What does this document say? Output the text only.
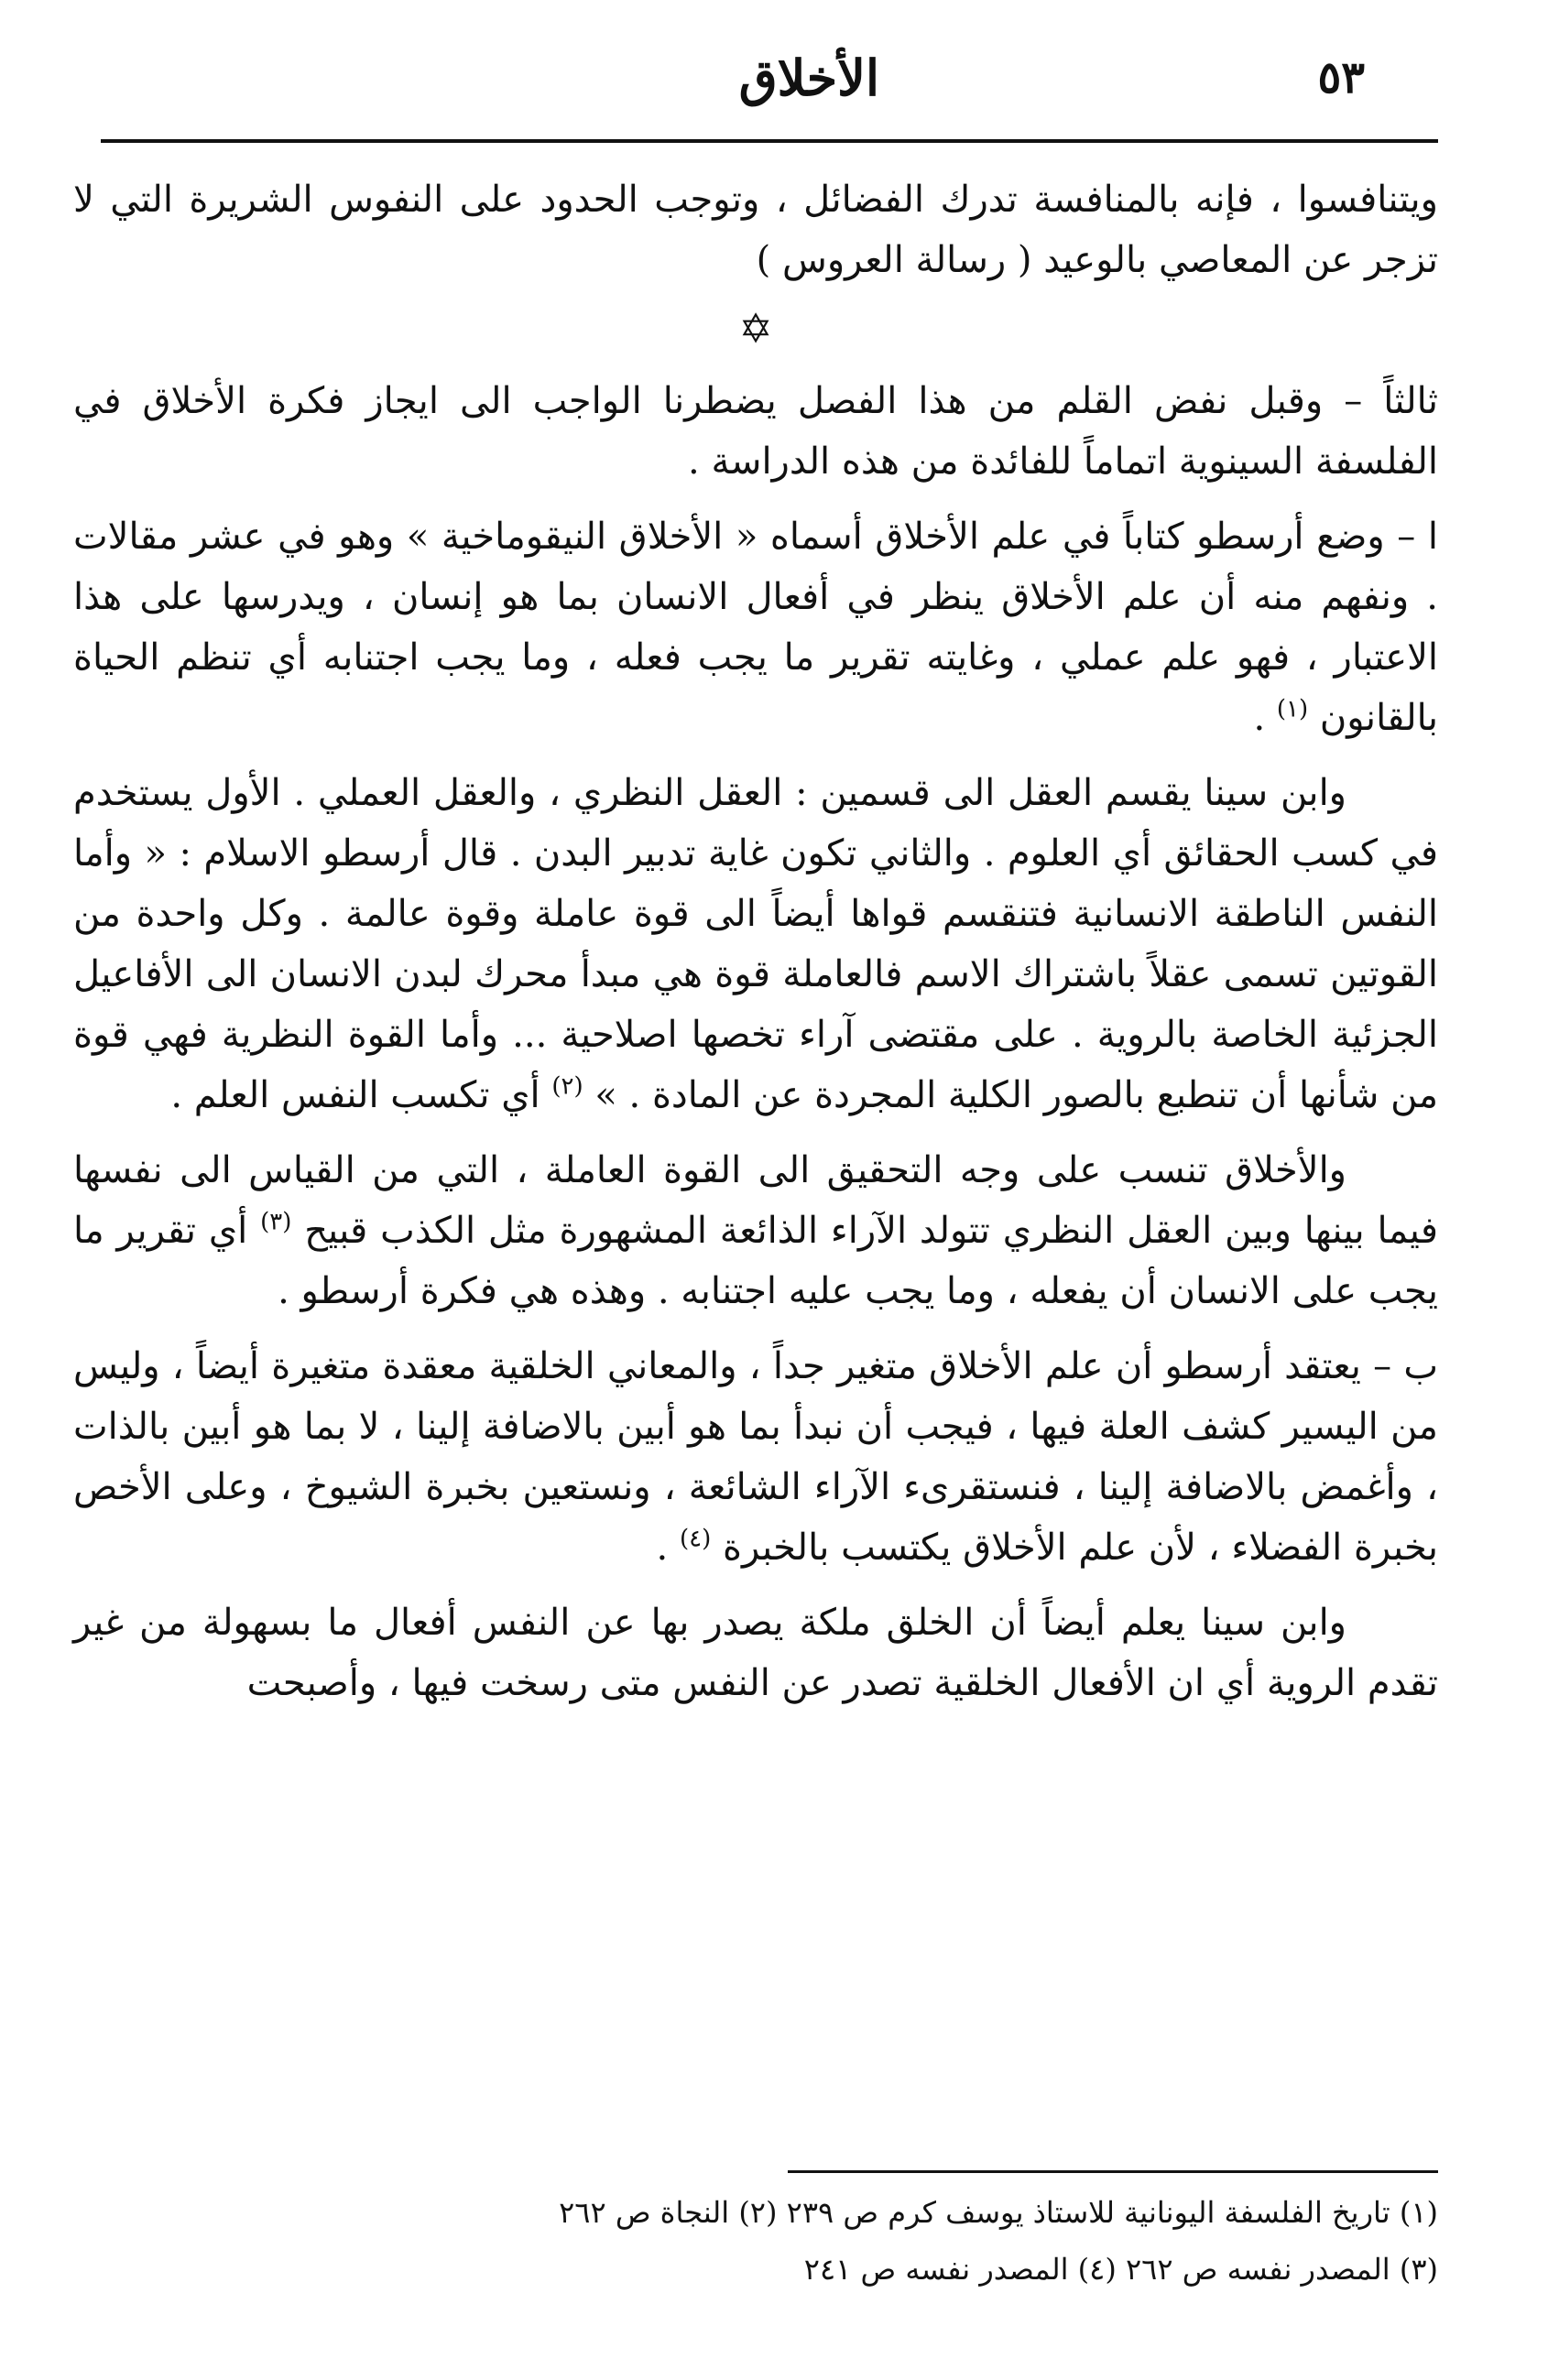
٥٣
الأخلاق

ويتنافسوا ، فإنه بالمنافسة تدرك الفضائل ، وتوجب الحدود على النفوس الشريرة التي لا تزجر عن المعاصي بالوعيد ( رسالة العروس )

✡

ثالثاً – وقبل نفض القلم من هذا الفصل يضطرنا الواجب الى ايجاز فكرة الأخلاق في الفلسفة السينوية اتماماً للفائدة من هذه الدراسة .

ا – وضع أرسطو كتاباً في علم الأخلاق أسماه « الأخلاق النيقوماخية » وهو في عشر مقالات . ونفهم منه أن علم الأخلاق ينظر في أفعال الانسان بما هو إنسان ، ويدرسها على هذا الاعتبار ، فهو علم عملي ، وغايته تقرير ما يجب فعله ، وما يجب اجتنابه أي تنظم الحياة بالقانون $^{(١)}$ .

وابن سينا يقسم العقل الى قسمين : العقل النظري ، والعقل العملي . الأول يستخدم في كسب الحقائق أي العلوم . والثاني تكون غاية تدبير البدن . قال أرسطو الاسلام : « وأما النفس الناطقة الانسانية فتنقسم قواها أيضاً الى قوة عاملة وقوة عالمة . وكل واحدة من القوتين تسمى عقلاً باشتراك الاسم فالعاملة قوة هي مبدأ محرك لبدن الانسان الى الأفاعيل الجزئية الخاصة بالروية . على مقتضى آراء تخصها اصلاحية ... وأما القوة النظرية فهي قوة من شأنها أن تنطبع بالصور الكلية المجردة عن المادة . » $^{(٢)}$ أي تكسب النفس العلم .

والأخلاق تنسب على وجه التحقيق الى القوة العاملة ، التي من القياس الى نفسها فيما بينها وبين العقل النظري تتولد الآراء الذائعة المشهورة مثل الكذب قبيح $^{(٣)}$ أي تقرير ما يجب على الانسان أن يفعله ، وما يجب عليه اجتنابه . وهذه هي فكرة أرسطو .

ب – يعتقد أرسطو أن علم الأخلاق متغير جداً ، والمعاني الخلقية معقدة متغيرة أيضاً ، وليس من اليسير كشف العلة فيها ، فيجب أن نبدأ بما هو أبين بالاضافة إلينا ، لا بما هو أبين بالذات ، وأغمض بالاضافة إلينا ، فنستقرىء الآراء الشائعة ، ونستعين بخبرة الشيوخ ، وعلى الأخص بخبرة الفضلاء ، لأن علم الأخلاق يكتسب بالخبرة $^{(٤)}$ .

وابن سينا يعلم أيضاً أن الخلق ملكة يصدر بها عن النفس أفعال ما بسهولة من غير تقدم الروية أي ان الأفعال الخلقية تصدر عن النفس متى رسخت فيها ، وأصبحت

(١) تاريخ الفلسفة اليونانية للاستاذ يوسف كرم ص ٢٣٩ (٢) النجاة ص ٢٦٢

(٣) المصدر نفسه ص ٢٦٢ (٤) المصدر نفسه ص ٢٤١
